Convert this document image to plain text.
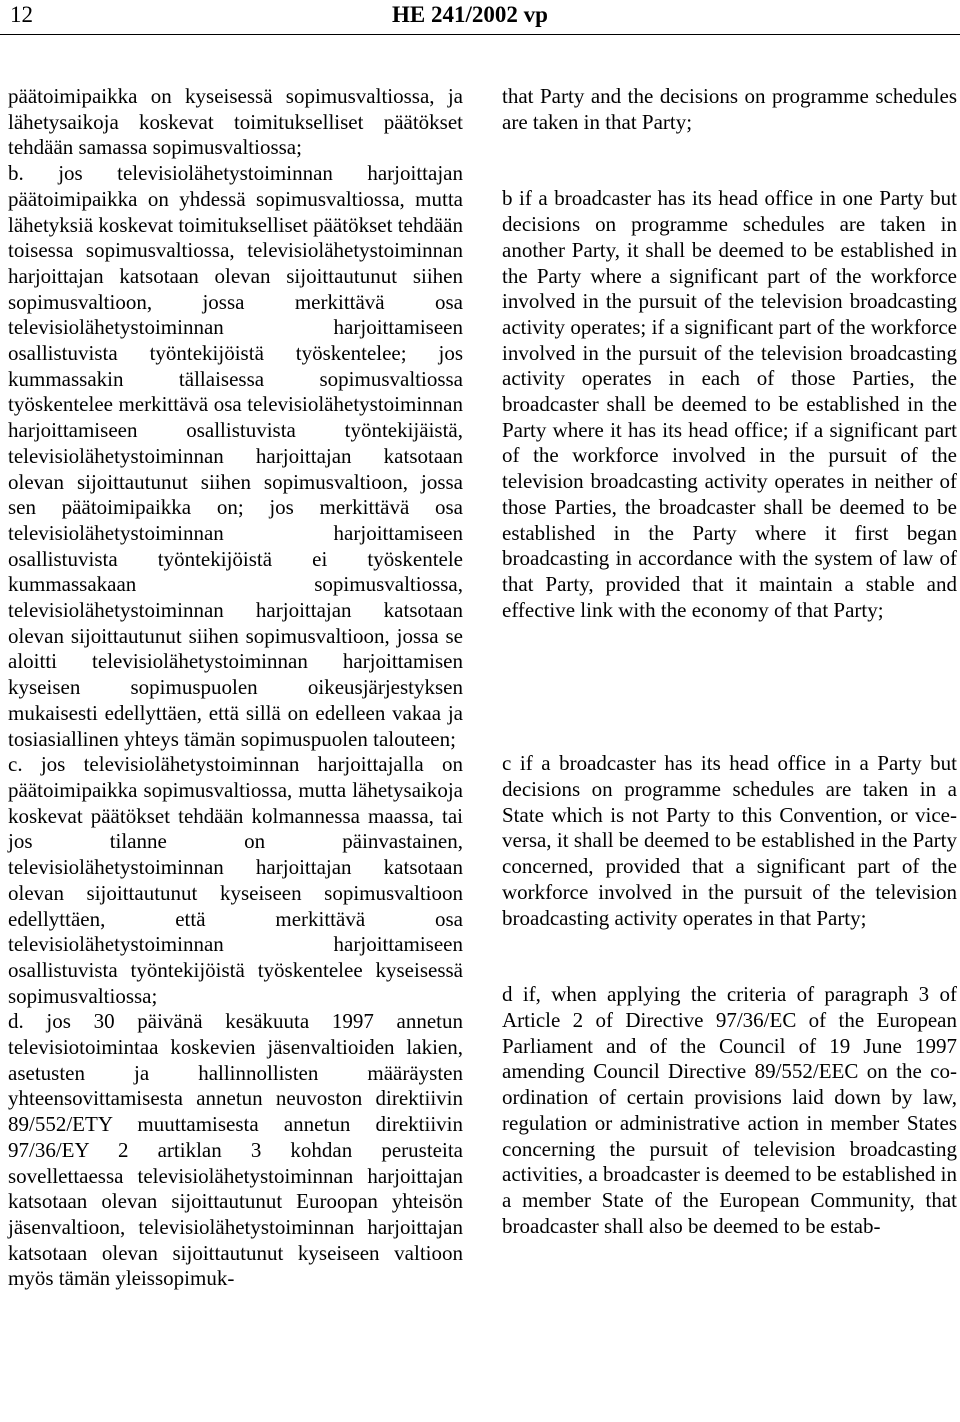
12	HE 241/2002 vp

päätoimipaikka on kyseisessä sopimusvaltiossa, ja lähetysaikoja koskevat toimitukselliset päätökset tehdään samassa sopimusvaltiossa;

b. jos televisiolähetystoiminnan harjoittajan päätoimipaikka on yhdessä sopimusvaltiossa, mutta lähetyksiä koskevat toimitukselliset päätökset tehdään toisessa sopimusvaltiossa, televisiolähetystoiminnan harjoittajan katsotaan olevan sijoittautunut siihen sopimusvaltioon, jossa merkittävä osa televisiolähetystoiminnan harjoittamiseen osallistuvista työntekijöistä työskentelee; jos kummassakin tällaisessa sopimusvaltiossa työskentelee merkittävä osa televisiolähetystoiminnan harjoittamiseen osallistuvista työntekijäistä, televisiolähetystoiminnan harjoittajan katsotaan olevan sijoittautunut siihen sopimusvaltioon, jossa sen päätoimipaikka on; jos merkittävä osa televisiolähetystoiminnan harjoittamiseen osallistuvista työntekijöistä ei työskentele kummassakaan sopimusvaltiossa, televisiolähetystoiminnan harjoittajan katsotaan olevan sijoittautunut siihen sopimusvaltioon, jossa se aloitti televisiolähetystoiminnan harjoittamisen kyseisen sopimuspuolen oikeusjärjestyksen mukaisesti edellyttäen, että sillä on edelleen vakaa ja tosiasiallinen yhteys tämän sopimuspuolen talouteen;

c. jos televisiolähetystoiminnan harjoittajalla on päätoimipaikka sopimusvaltiossa, mutta lähetysaikoja koskevat päätökset tehdään kolmannessa maassa, tai jos tilanne on päinvastainen, televisiolähetystoiminnan harjoittajan katsotaan olevan sijoittautunut kyseiseen sopimusvaltioon edellyttäen, että merkittävä osa televisiolähetystoiminnan harjoittamiseen osallistuvista työntekijöistä työskentelee kyseisessä sopimusvaltiossa;

d. jos 30 päivänä kesäkuuta 1997 annetun televisiotoimintaa koskevien jäsenvaltioiden lakien, asetusten ja hallinnollisten määräysten yhteensovittamisesta annetun neuvoston direktiivin 89/552/ETY muuttamisesta annetun direktiivin 97/36/EY 2 artiklan 3 kohdan perusteita sovellettaessa televisiolähetystoiminnan harjoittajan katsotaan olevan sijoittautunut Euroopan yhteisön jäsenvaltioon, televisiolähetystoiminnan harjoittajan katsotaan olevan sijoittautunut kyseiseen valtioon myös tämän yleissopimuk-

that Party and the decisions on programme schedules are taken in that Party;

b if a broadcaster has its head office in one Party but decisions on programme schedules are taken in another Party, it shall be deemed to be established in the Party where a significant part of the workforce involved in the pursuit of the television broadcasting activity operates; if a significant part of the workforce involved in the pursuit of the television broadcasting activity operates in each of those Parties, the broadcaster shall be deemed to be established in the Party where it has its head office; if a significant part of the workforce involved in the pursuit of the television broadcasting activity operates in neither of those Parties, the broadcaster shall be deemed to be established in the Party where it first began broadcasting in accordance with the system of law of that Party, provided that it maintain a stable and effective link with the economy of that Party;

c if a broadcaster has its head office in a Party but decisions on programme schedules are taken in a State which is not Party to this Convention, or vice-versa, it shall be deemed to be established in the Party concerned, provided that a significant part of the workforce involved in the pursuit of the television broadcasting activity operates in that Party;

d if, when applying the criteria of paragraph 3 of Article 2 of Directive 97/36/EC of the European Parliament and of the Council of 19 June 1997 amending Council Directive 89/552/EEC on the co-ordination of certain provisions laid down by law, regulation or administrative action in member States concerning the pursuit of television broadcasting activities, a broadcaster is deemed to be established in a member State of the European Community, that broadcaster shall also be deemed to be estab-
